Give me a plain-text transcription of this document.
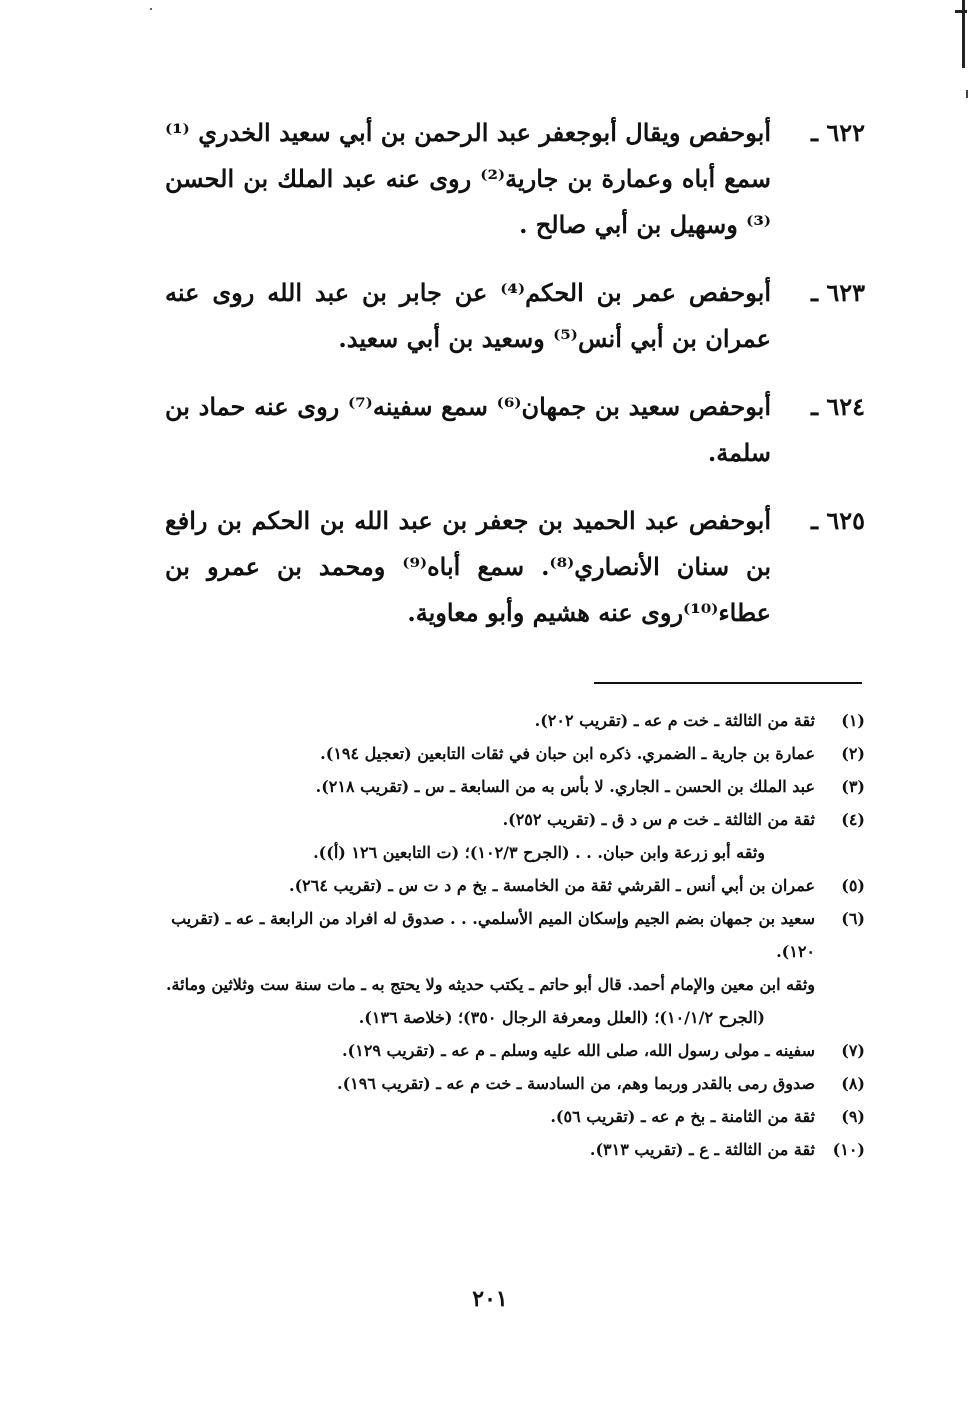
٦٢٢ ـ
أبوحفص ويقال أبوجعفر عبد الرحمن بن أبي سعيد الخدري ⁽¹⁾ سمع أباه وعمارة بن جارية⁽²⁾ روى عنه عبد الملك بن الحسن ⁽³⁾ وسهيل بن أبي صالح .
٦٢٣ ـ
أبوحفص عمر بن الحكم⁽⁴⁾ عن جابر بن عبد الله روى عنه عمران بن أبي أنس⁽⁵⁾ وسعيد بن أبي سعيد.
٦٢٤ ـ
أبوحفص سعيد بن جمهان⁽⁶⁾ سمع سفينه⁽⁷⁾ روى عنه حماد بن سلمة.
٦٢٥ ـ
أبوحفص عبد الحميد بن جعفر بن عبد الله بن الحكم بن رافع بن سنان الأنصاري⁽⁸⁾. سمع أباه⁽⁹⁾ ومحمد بن عمرو بن عطاء⁽¹⁰⁾روى عنه هشيم وأبو معاوية.
(١)
ثقة من الثالثة ـ خت م عه ـ (تقريب ٢٠٢).
(٢)
عمارة بن جارية ـ الضمري. ذكره ابن حبان في ثقات التابعين (تعجيل ١٩٤).
(٣)
عبد الملك بن الحسن ـ الجاري. لا بأس به من السابعة ـ س ـ (تقريب ٢١٨).
(٤)
ثقة من الثالثة ـ خت م س د ق ـ (تقريب ٢٥٢).
وثقه أبو زرعة وابن حبان. . . (الجرح ١٠٢/٣)؛ (ت التابعين ١٢٦ (أ)).
(٥)
عمران بن أبي أنس ـ القرشي ثقة من الخامسة ـ بخ م د ت س ـ (تقريب ٢٦٤).
(٦)
سعيد بن جمهان بضم الجيم وإسكان الميم الأسلمي. . . صدوق له افراد من الرابعة ـ عه ـ (تقريب ١٢٠).
وثقه ابن معين والإمام أحمد. قال أبو حاتم ـ يكتب حديثه ولا يحتج به ـ مات سنة ست وثلاثين ومائة.
(الجرح ١٠/١/٢)؛ (العلل ومعرفة الرجال ٣٥٠)؛ (خلاصة ١٣٦).
(٧)
سفينه ـ مولى رسول الله، صلى الله عليه وسلم ـ م عه ـ (تقريب ١٢٩).
(٨)
صدوق رمى بالقدر وربما وهم، من السادسة ـ خت م عه ـ (تقريب ١٩٦).
(٩)
ثقة من الثامنة ـ بخ م عه ـ (تقريب ٥٦).
(١٠)
ثقة من الثالثة ـ ع ـ (تقريب ٣١٣).
٢٠١
